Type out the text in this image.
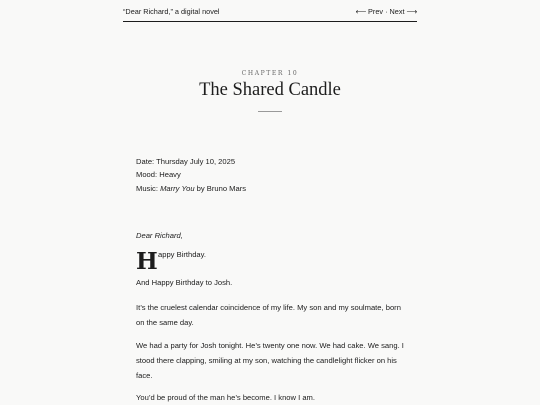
“Dear Richard,” a digital novel	⟵ Prev · Next ⟶
CHAPTER 10
The Shared Candle
Date: Thursday July 10, 2025
Mood: Heavy
Music: Marry You by Bruno Mars
Dear Richard,
H appy Birthday.

And Happy Birthday to Josh.

It’s the cruelest calendar coincidence of my life. My son and my soulmate, born on the same day.

We had a party for Josh tonight. He’s twenty one now. We had cake. We sang. I stood there clapping, smiling at my son, watching the candlelight flicker on his face.

You’d be proud of the man he’s become. I know I am.
